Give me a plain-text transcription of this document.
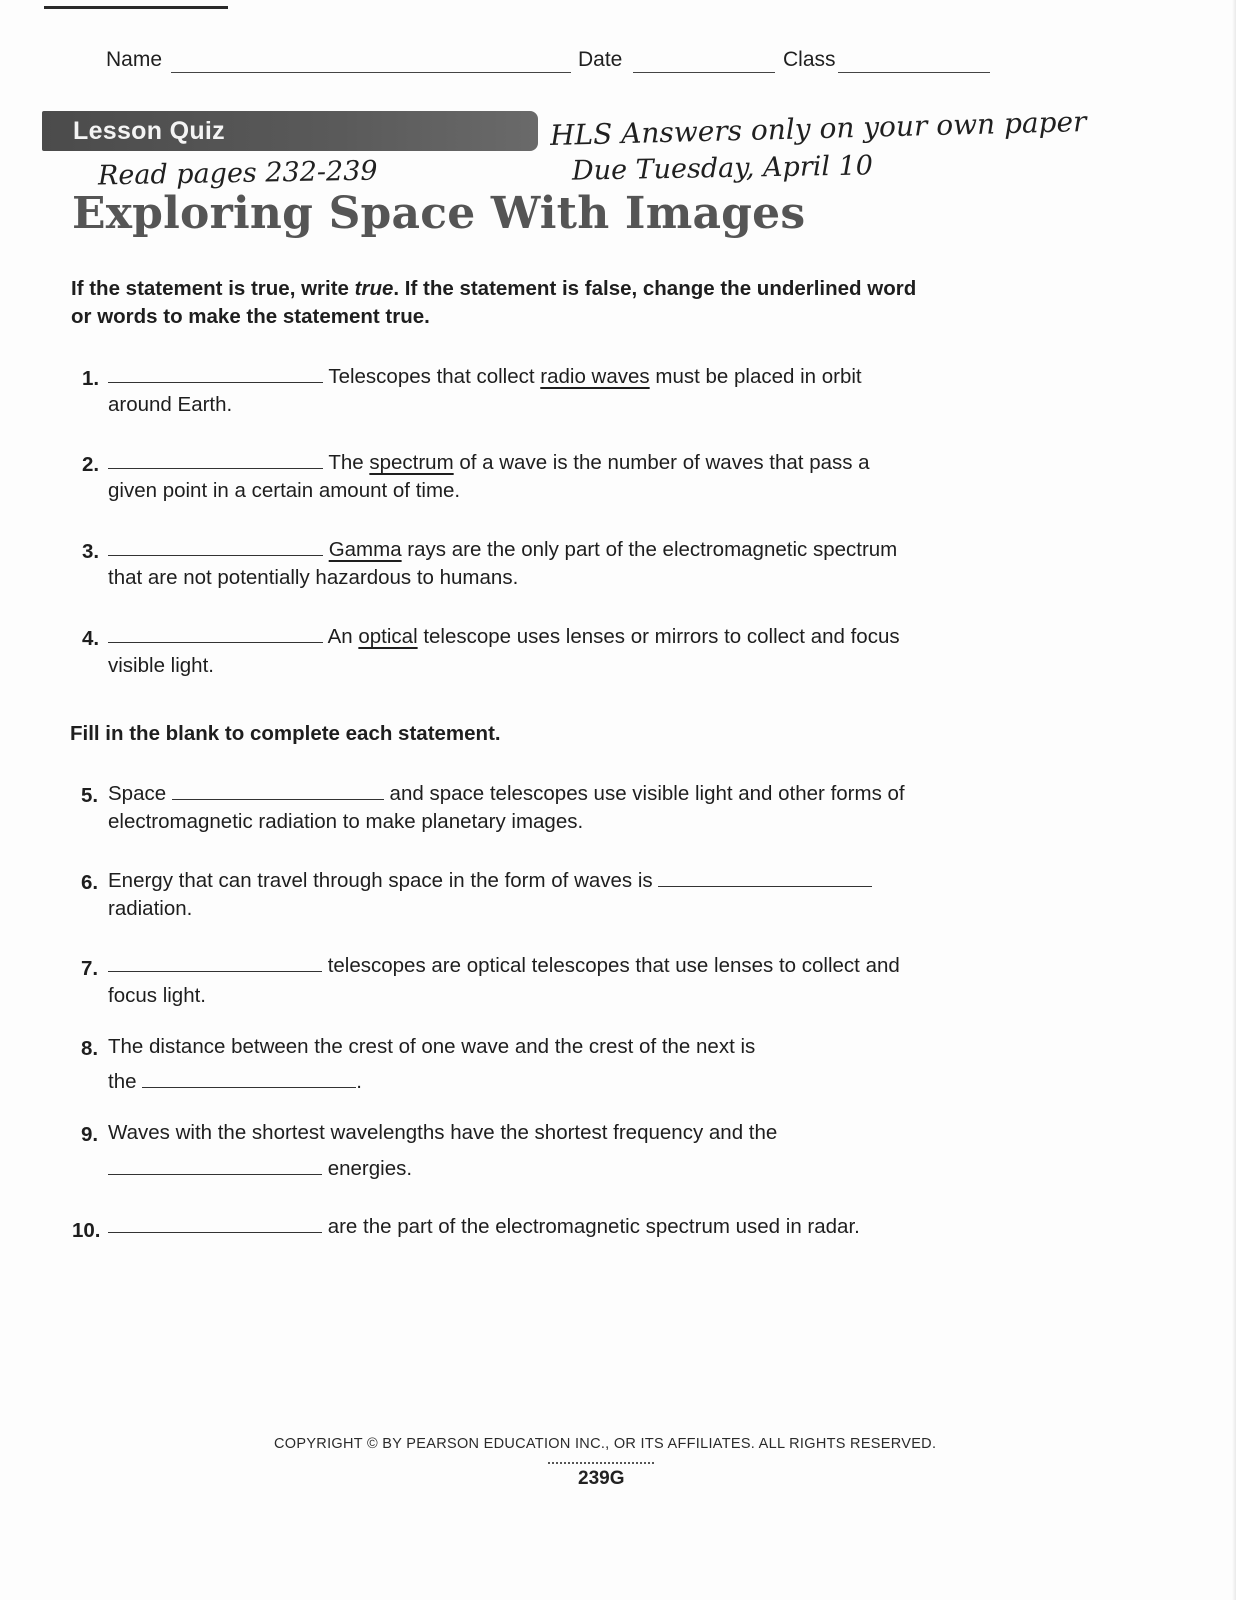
Name	Date	Class
Lesson Quiz	HLS Answers only on your own paper
Due Tuesday, April 10
Read pages 232-239
Exploring Space With Images
If the statement is true, write true. If the statement is false, change the underlined word
or words to make the statement true.
1.	Telescopes that collect radio waves must be placed in orbit
around Earth.
2.	The spectrum of a wave is the number of waves that pass a
given point in a certain amount of time.
3.	Gamma rays are the only part of the electromagnetic spectrum
that are not potentially hazardous to humans.
4.	An optical telescope uses lenses or mirrors to collect and focus
visible light.
Fill in the blank to complete each statement.
5. Space	and space telescopes use visible light and other forms of
electromagnetic radiation to make planetary images.
6. Energy that can travel through space in the form of waves is
radiation.
7.	telescopes are optical telescopes that use lenses to collect and
focus light.
8. The distance between the crest of one wave and the crest of the next is
the	.
9. Waves with the shortest wavelengths have the shortest frequency and the
energies.
10.	are the part of the electromagnetic spectrum used in radar.
COPYRIGHT © BY PEARSON EDUCATION INC., OR ITS AFFILIATES. ALL RIGHTS RESERVED.
239G
